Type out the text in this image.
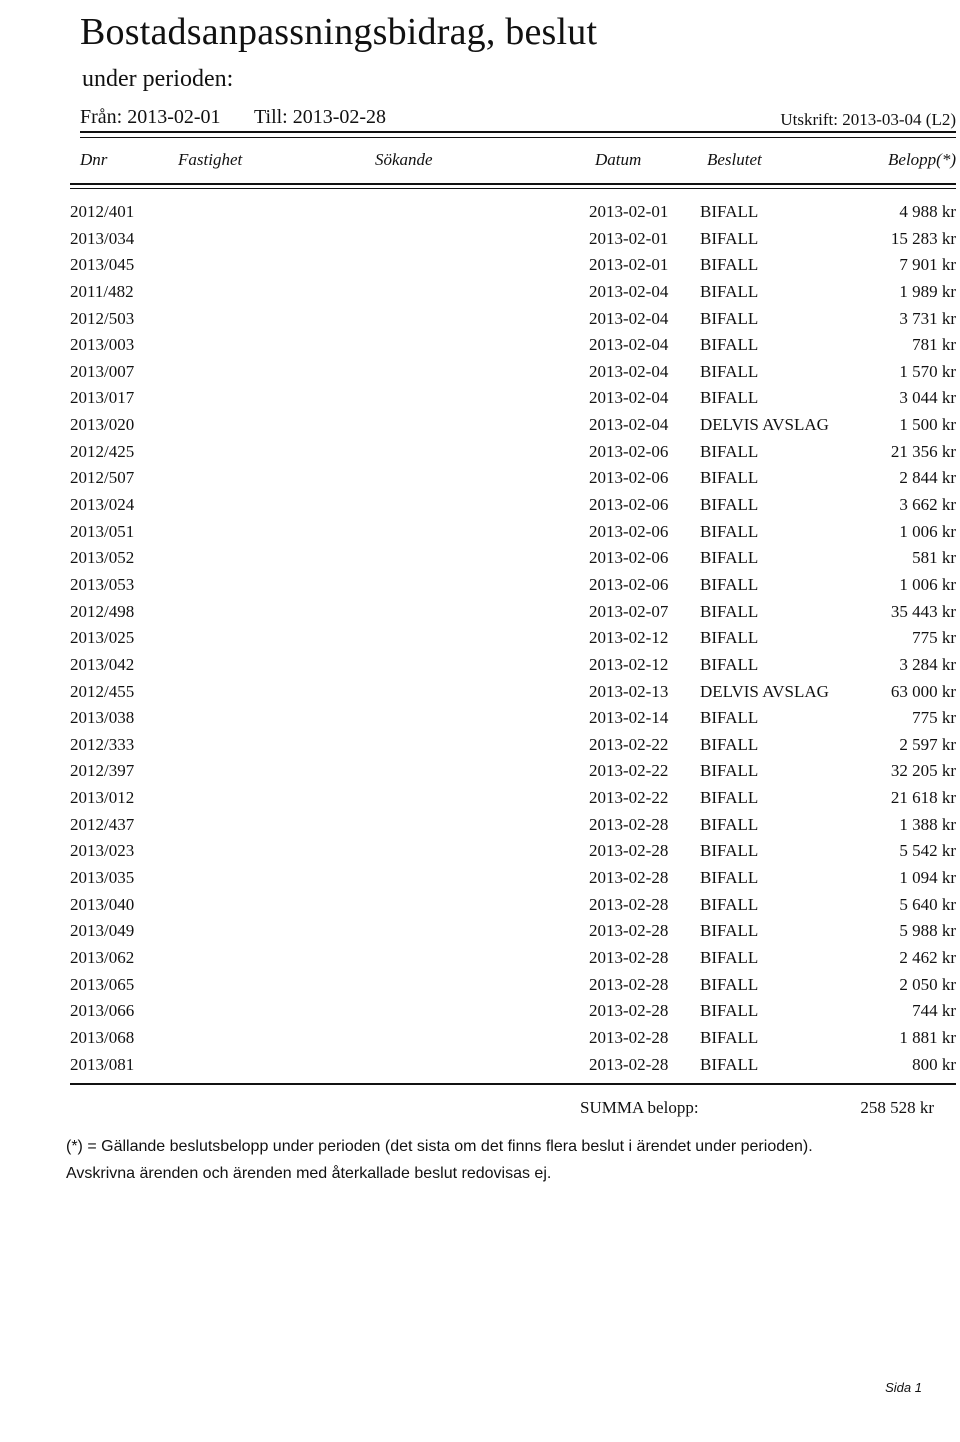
Bostadsanpassningsbidrag, beslut
under perioden:
Från: 2013-02-01 Till: 2013-02-28	Utskrift: 2013-03-04 (L2)
Dnr	Fastighet	Sökande	Datum	Beslutet	Belopp(*)
2012/401	2013-02-01 BIFALL	4 988 kr
2013/034	2013-02-01 BIFALL	15 283 kr
2013/045	2013-02-01 BIFALL	7 901 kr
2011/482	2013-02-04 BIFALL	1 989 kr
2012/503	2013-02-04 BIFALL	3 731 kr
2013/003	2013-02-04 BIFALL	781 kr
2013/007	2013-02-04 BIFALL	1 570 kr
2013/017	2013-02-04 BIFALL	3 044 kr
2013/020	2013-02-04 DELVIS AVSLAG	1 500 kr
2012/425	2013-02-06 BIFALL	21 356 kr
2012/507	2013-02-06 BIFALL	2 844 kr
2013/024	2013-02-06 BIFALL	3 662 kr
2013/051	2013-02-06 BIFALL	1 006 kr
2013/052	2013-02-06 BIFALL	581 kr
2013/053	2013-02-06 BIFALL	1 006 kr
2012/498	2013-02-07 BIFALL	35 443 kr
2013/025	2013-02-12 BIFALL	775 kr
2013/042	2013-02-12 BIFALL	3 284 kr
2012/455	2013-02-13 DELVIS AVSLAG	63 000 kr
2013/038	2013-02-14 BIFALL	775 kr
2012/333	2013-02-22 BIFALL	2 597 kr
2012/397	2013-02-22 BIFALL	32 205 kr
2013/012	2013-02-22 BIFALL	21 618 kr
2012/437	2013-02-28 BIFALL	1 388 kr
2013/023	2013-02-28 BIFALL	5 542 kr
2013/035	2013-02-28 BIFALL	1 094 kr
2013/040	2013-02-28 BIFALL	5 640 kr
2013/049	2013-02-28 BIFALL	5 988 kr
2013/062	2013-02-28 BIFALL	2 462 kr
2013/065	2013-02-28 BIFALL	2 050 kr
2013/066	2013-02-28 BIFALL	744 kr
2013/068	2013-02-28 BIFALL	1 881 kr
2013/081	2013-02-28 BIFALL	800 kr
SUMMA belopp:	258 528 kr
(*) = Gällande beslutsbelopp under perioden (det sista om det finns flera beslut i ärendet under perioden).
Avskrivna ärenden och ärenden med återkallade beslut redovisas ej.
Sida 1
